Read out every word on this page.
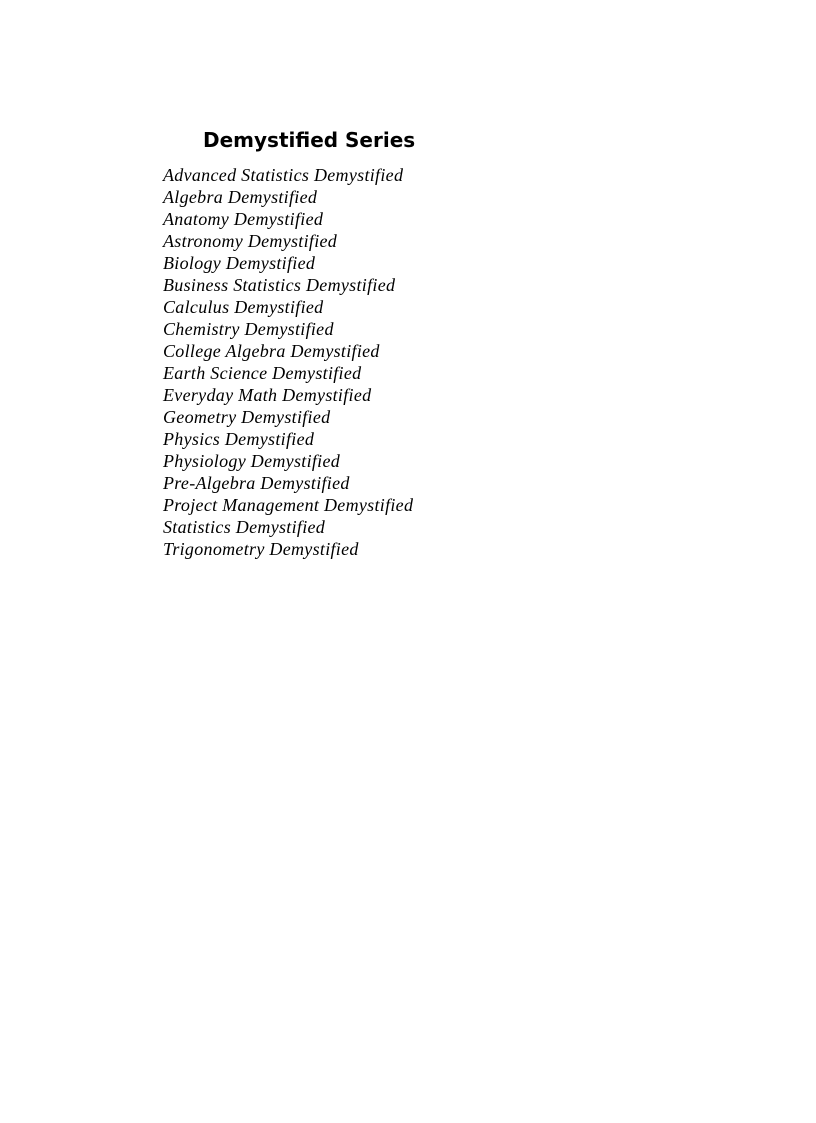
Demystified Series
Advanced Statistics Demystified
Algebra Demystified
Anatomy Demystified
Astronomy Demystified
Biology Demystified
Business Statistics Demystified
Calculus Demystified
Chemistry Demystified
College Algebra Demystified
Earth Science Demystified
Everyday Math Demystified
Geometry Demystified
Physics Demystified
Physiology Demystified
Pre-Algebra Demystified
Project Management Demystified
Statistics Demystified
Trigonometry Demystified
